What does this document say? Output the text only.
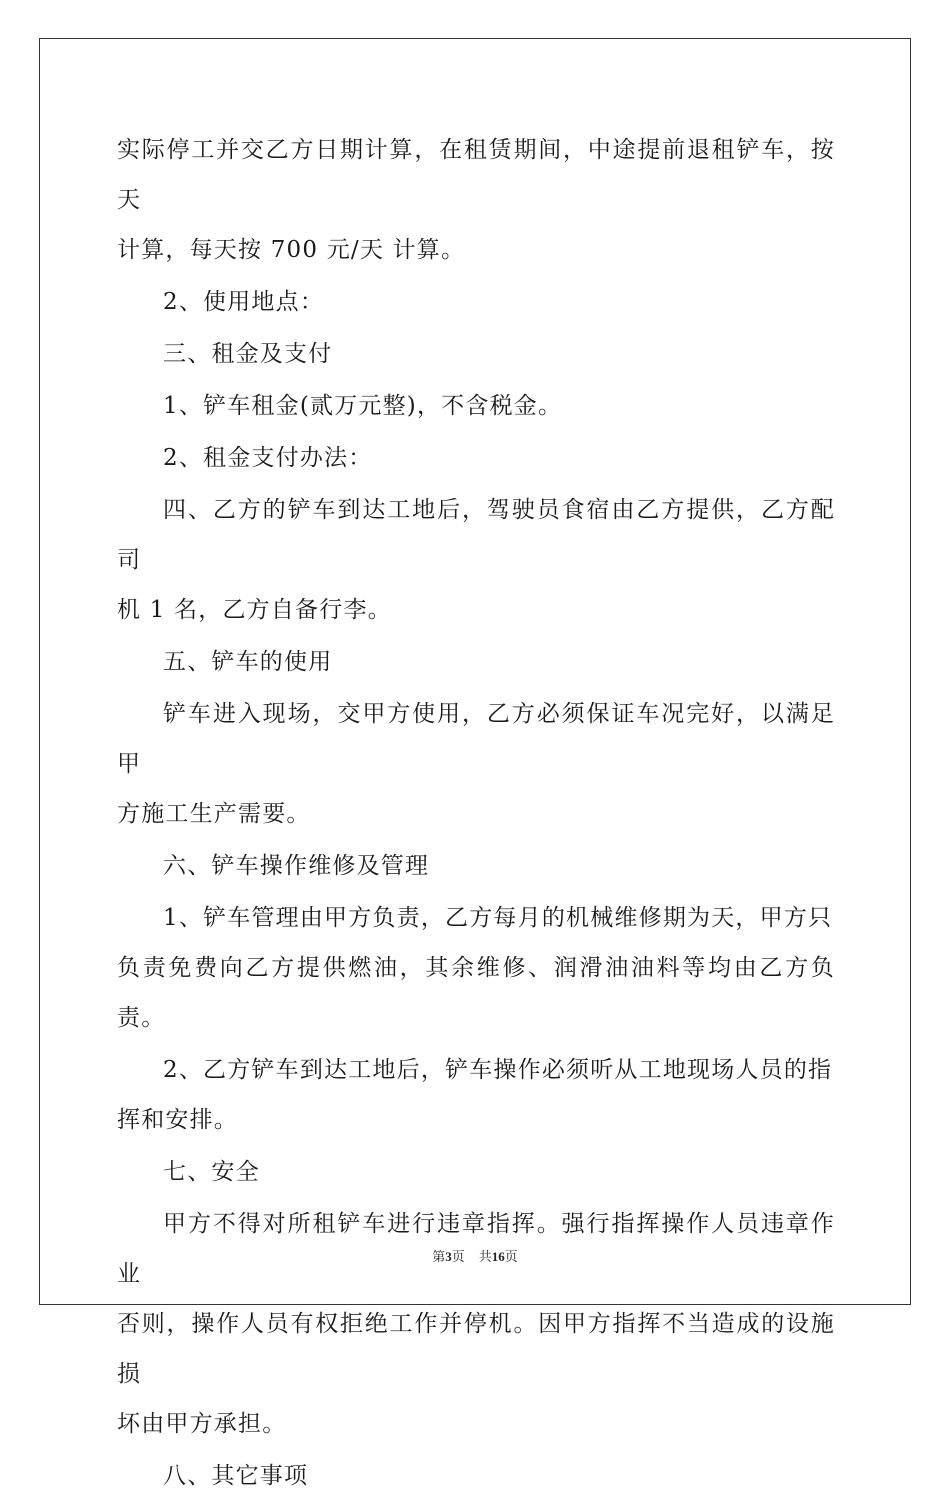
实际停工并交乙方日期计算，在租赁期间，中途提前退租铲车，按天
计算，每天按 700 元/天 计算。

2、使用地点：

三、租金及支付

1、铲车租金(贰万元整)，不含税金。

2、租金支付办法：

四、乙方的铲车到达工地后，驾驶员食宿由乙方提供，乙方配司
机 1 名，乙方自备行李。

五、铲车的使用

铲车进入现场，交甲方使用，乙方必须保证车况完好，以满足甲
方施工生产需要。

六、铲车操作维修及管理

1、铲车管理由甲方负责，乙方每月的机械维修期为天，甲方只
负责免费向乙方提供燃油，其余维修、润滑油油料等均由乙方负责。

2、乙方铲车到达工地后，铲车操作必须听从工地现场人员的指
挥和安排。

七、安全

甲方不得对所租铲车进行违章指挥。强行指挥操作人员违章作业
否则，操作人员有权拒绝工作并停机。因甲方指挥不当造成的设施损
坏由甲方承担。

八、其它事项

第3页 共16页
